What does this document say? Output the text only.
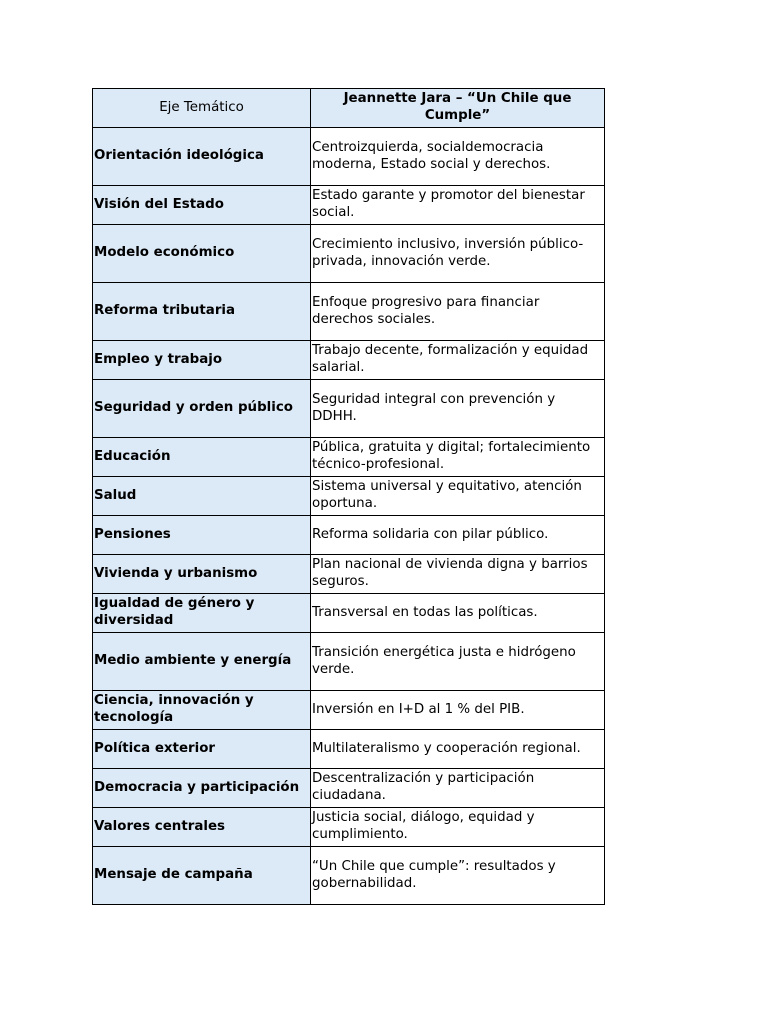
Eje Temático	Jeannette Jara – “Un Chile que Cumple”
Orientación ideológica	Centroizquierda, socialdemocracia moderna, Estado social y derechos.
Visión del Estado	Estado garante y promotor del bienestar social.
Modelo económico	Crecimiento inclusivo, inversión público-privada, innovación verde.
Reforma tributaria	Enfoque progresivo para financiar derechos sociales.
Empleo y trabajo	Trabajo decente, formalización y equidad salarial.
Seguridad y orden público	Seguridad integral con prevención y DDHH.
Educación	Pública, gratuita y digital; fortalecimiento técnico-profesional.
Salud	Sistema universal y equitativo, atención oportuna.
Pensiones	Reforma solidaria con pilar público.
Vivienda y urbanismo	Plan nacional de vivienda digna y barrios seguros.
Igualdad de género y diversidad	Transversal en todas las políticas.
Medio ambiente y energía	Transición energética justa e hidrógeno verde.
Ciencia, innovación y tecnología	Inversión en I+D al 1 % del PIB.
Política exterior	Multilateralismo y cooperación regional.
Democracia y participación	Descentralización y participación ciudadana.
Valores centrales	Justicia social, diálogo, equidad y cumplimiento.
Mensaje de campaña	“Un Chile que cumple”: resultados y gobernabilidad.
